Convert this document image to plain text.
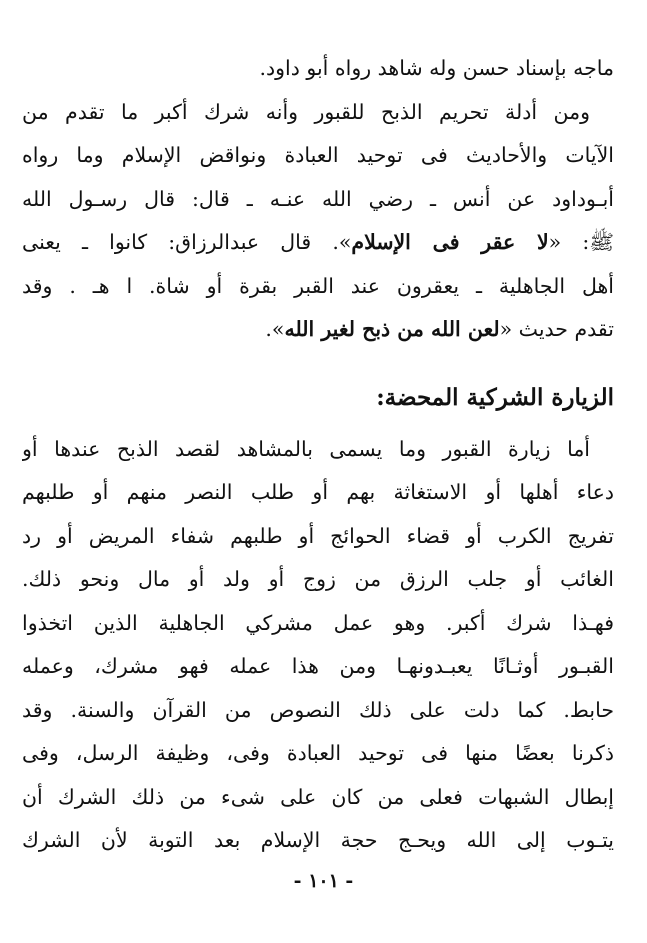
ماجه بإسناد حسن وله شاهد رواه أبو داود.
ومن أدلة تحريم الذبح للقبور وأنه شرك أكبر ما تقدم من
الآيات والأحاديث فى توحيد العبادة ونواقض الإسلام وما رواه
أبـوداود عن أنس ـ رضي الله عنـه ـ قال: قال رسـول الله
ﷺ: «لا عقر فى الإسلام». قال عبدالرزاق: كانوا ـ يعنى
أهل الجاهلية ـ يعقرون عند القبر بقرة أو شاة. ا هـ . وقد
تقدم حديث «لعن الله من ذبح لغير الله».
الزيارة الشركية المحضة:
أما زيارة القبور وما يسمى بالمشاهد لقصد الذبح عندها أو
دعاء أهلها أو الاستغاثة بهم أو طلب النصر منهم أو طلبهم
تفريج الكرب أو قضاء الحوائج أو طلبهم شفاء المريض أو رد
الغائب أو جلب الرزق من زوج أو ولد أو مال ونحو ذلك.
فهـذا شرك أكبر. وهو عمل مشركي الجاهلية الذين اتخذوا
القبـور أوثـانًا يعبـدونهـا ومن هذا عمله فهو مشرك، وعمله
حابط. كما دلت على ذلك النصوص من القرآن والسنة. وقد
ذكرنا بعضًا منها فى توحيد العبادة وفى، وظيفة الرسل، وفى
إبطال الشبهات فعلى من كان على شىء من ذلك الشرك أن
يتـوب إلى الله ويحـج حجة الإسلام بعد التوبة لأن الشرك
- ١٠١ -
